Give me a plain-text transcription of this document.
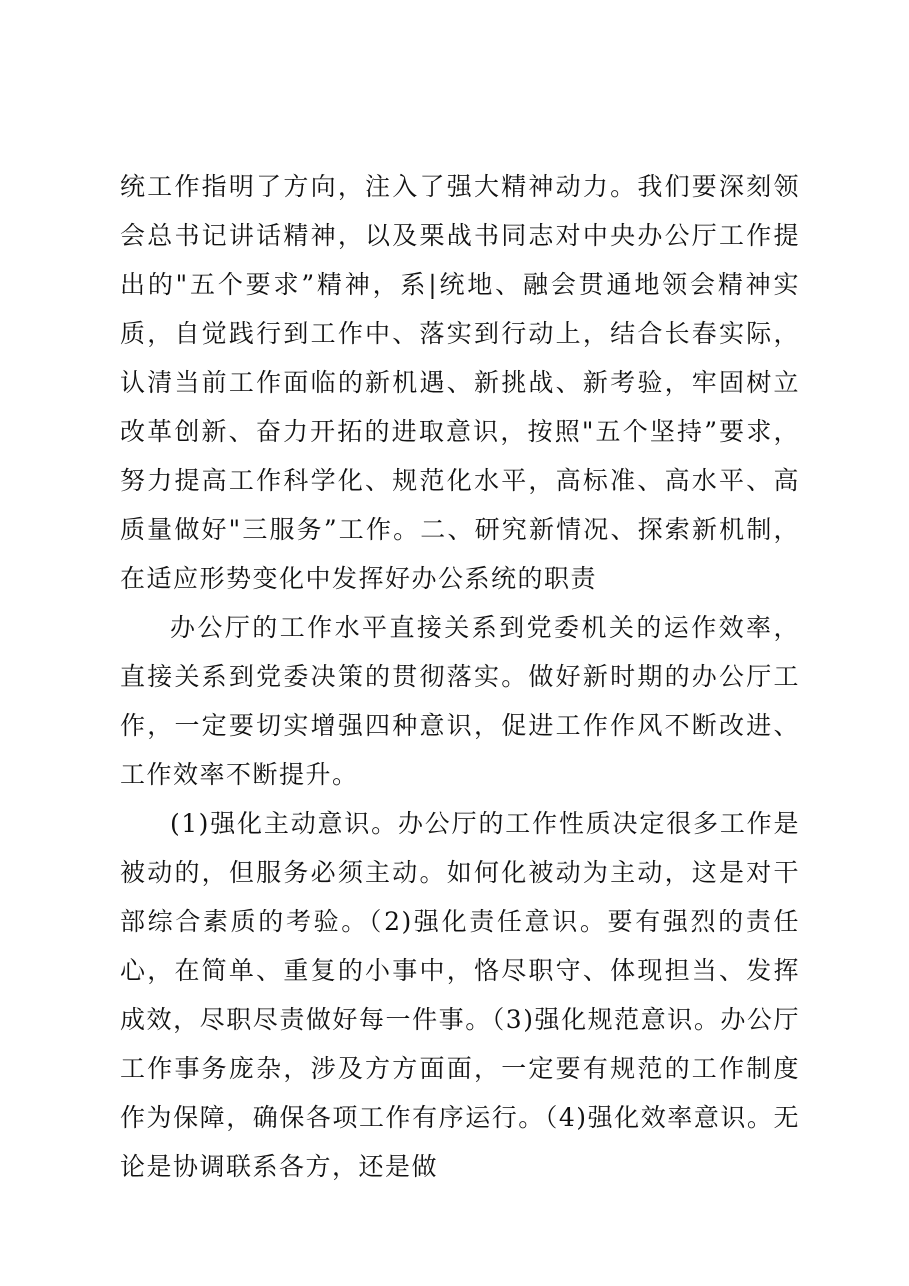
统工作指明了方向，注入了强大精神动力。我们要深刻领会总书记讲话精神，以及栗战书同志对中央办公厅工作提出的"五个要求”精神，系|统地、融会贯通地领会精神实质，自觉践行到工作中、落实到行动上，结合长春实际，认清当前工作面临的新机遇、新挑战、新考验，牢固树立改革创新、奋力开拓的进取意识，按照"五个坚持”要求，努力提高工作科学化、规范化水平，高标准、高水平、高质量做好"三服务”工作。二、研究新情况、探索新机制，在适应形势变化中发挥好办公系统的职责

办公厅的工作水平直接关系到党委机关的运作效率，直接关系到党委决策的贯彻落实。做好新时期的办公厅工作，一定要切实增强四种意识，促进工作作风不断改进、工作效率不断提升。

(1)强化主动意识。办公厅的工作性质决定很多工作是被动的，但服务必须主动。如何化被动为主动，这是对干部综合素质的考验。（2)强化责任意识。要有强烈的责任心，在简单、重复的小事中，恪尽职守、体现担当、发挥成效，尽职尽责做好每一件事。（3)强化规范意识。办公厅工作事务庞杂，涉及方方面面，一定要有规范的工作制度作为保障，确保各项工作有序运行。（4)强化效率意识。无论是协调联系各方，还是做
